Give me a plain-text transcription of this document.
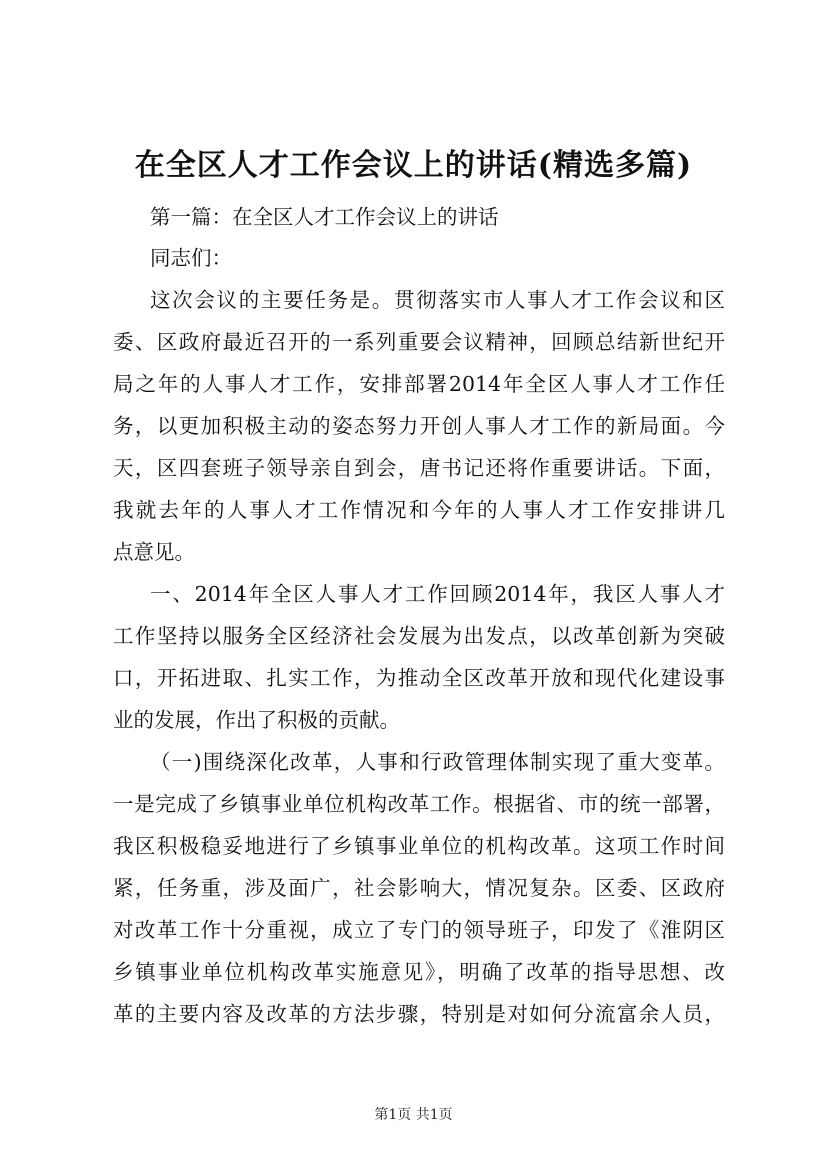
在全区人才工作会议上的讲话(精选多篇)
第一篇：在全区人才工作会议上的讲话
同志们：
这次会议的主要任务是。贯彻落实市人事人才工作会议和区
委、区政府最近召开的一系列重要会议精神，回顾总结新世纪开
局之年的人事人才工作，安排部署2014年全区人事人才工作任
务，以更加积极主动的姿态努力开创人事人才工作的新局面。今
天，区四套班子领导亲自到会，唐书记还将作重要讲话。下面，
我就去年的人事人才工作情况和今年的人事人才工作安排讲几
点意见。
一、2014年全区人事人才工作回顾2014年，我区人事人才
工作坚持以服务全区经济社会发展为出发点，以改革创新为突破
口，开拓进取、扎实工作，为推动全区改革开放和现代化建设事
业的发展，作出了积极的贡献。
（一)围绕深化改革，人事和行政管理体制实现了重大变革。
一是完成了乡镇事业单位机构改革工作。根据省、市的统一部署，
我区积极稳妥地进行了乡镇事业单位的机构改革。这项工作时间
紧，任务重，涉及面广，社会影响大，情况复杂。区委、区政府
对改革工作十分重视，成立了专门的领导班子，印发了《淮阴区
乡镇事业单位机构改革实施意见》，明确了改革的指导思想、改
革的主要内容及改革的方法步骤，特别是对如何分流富余人员，
第1页 共1页
